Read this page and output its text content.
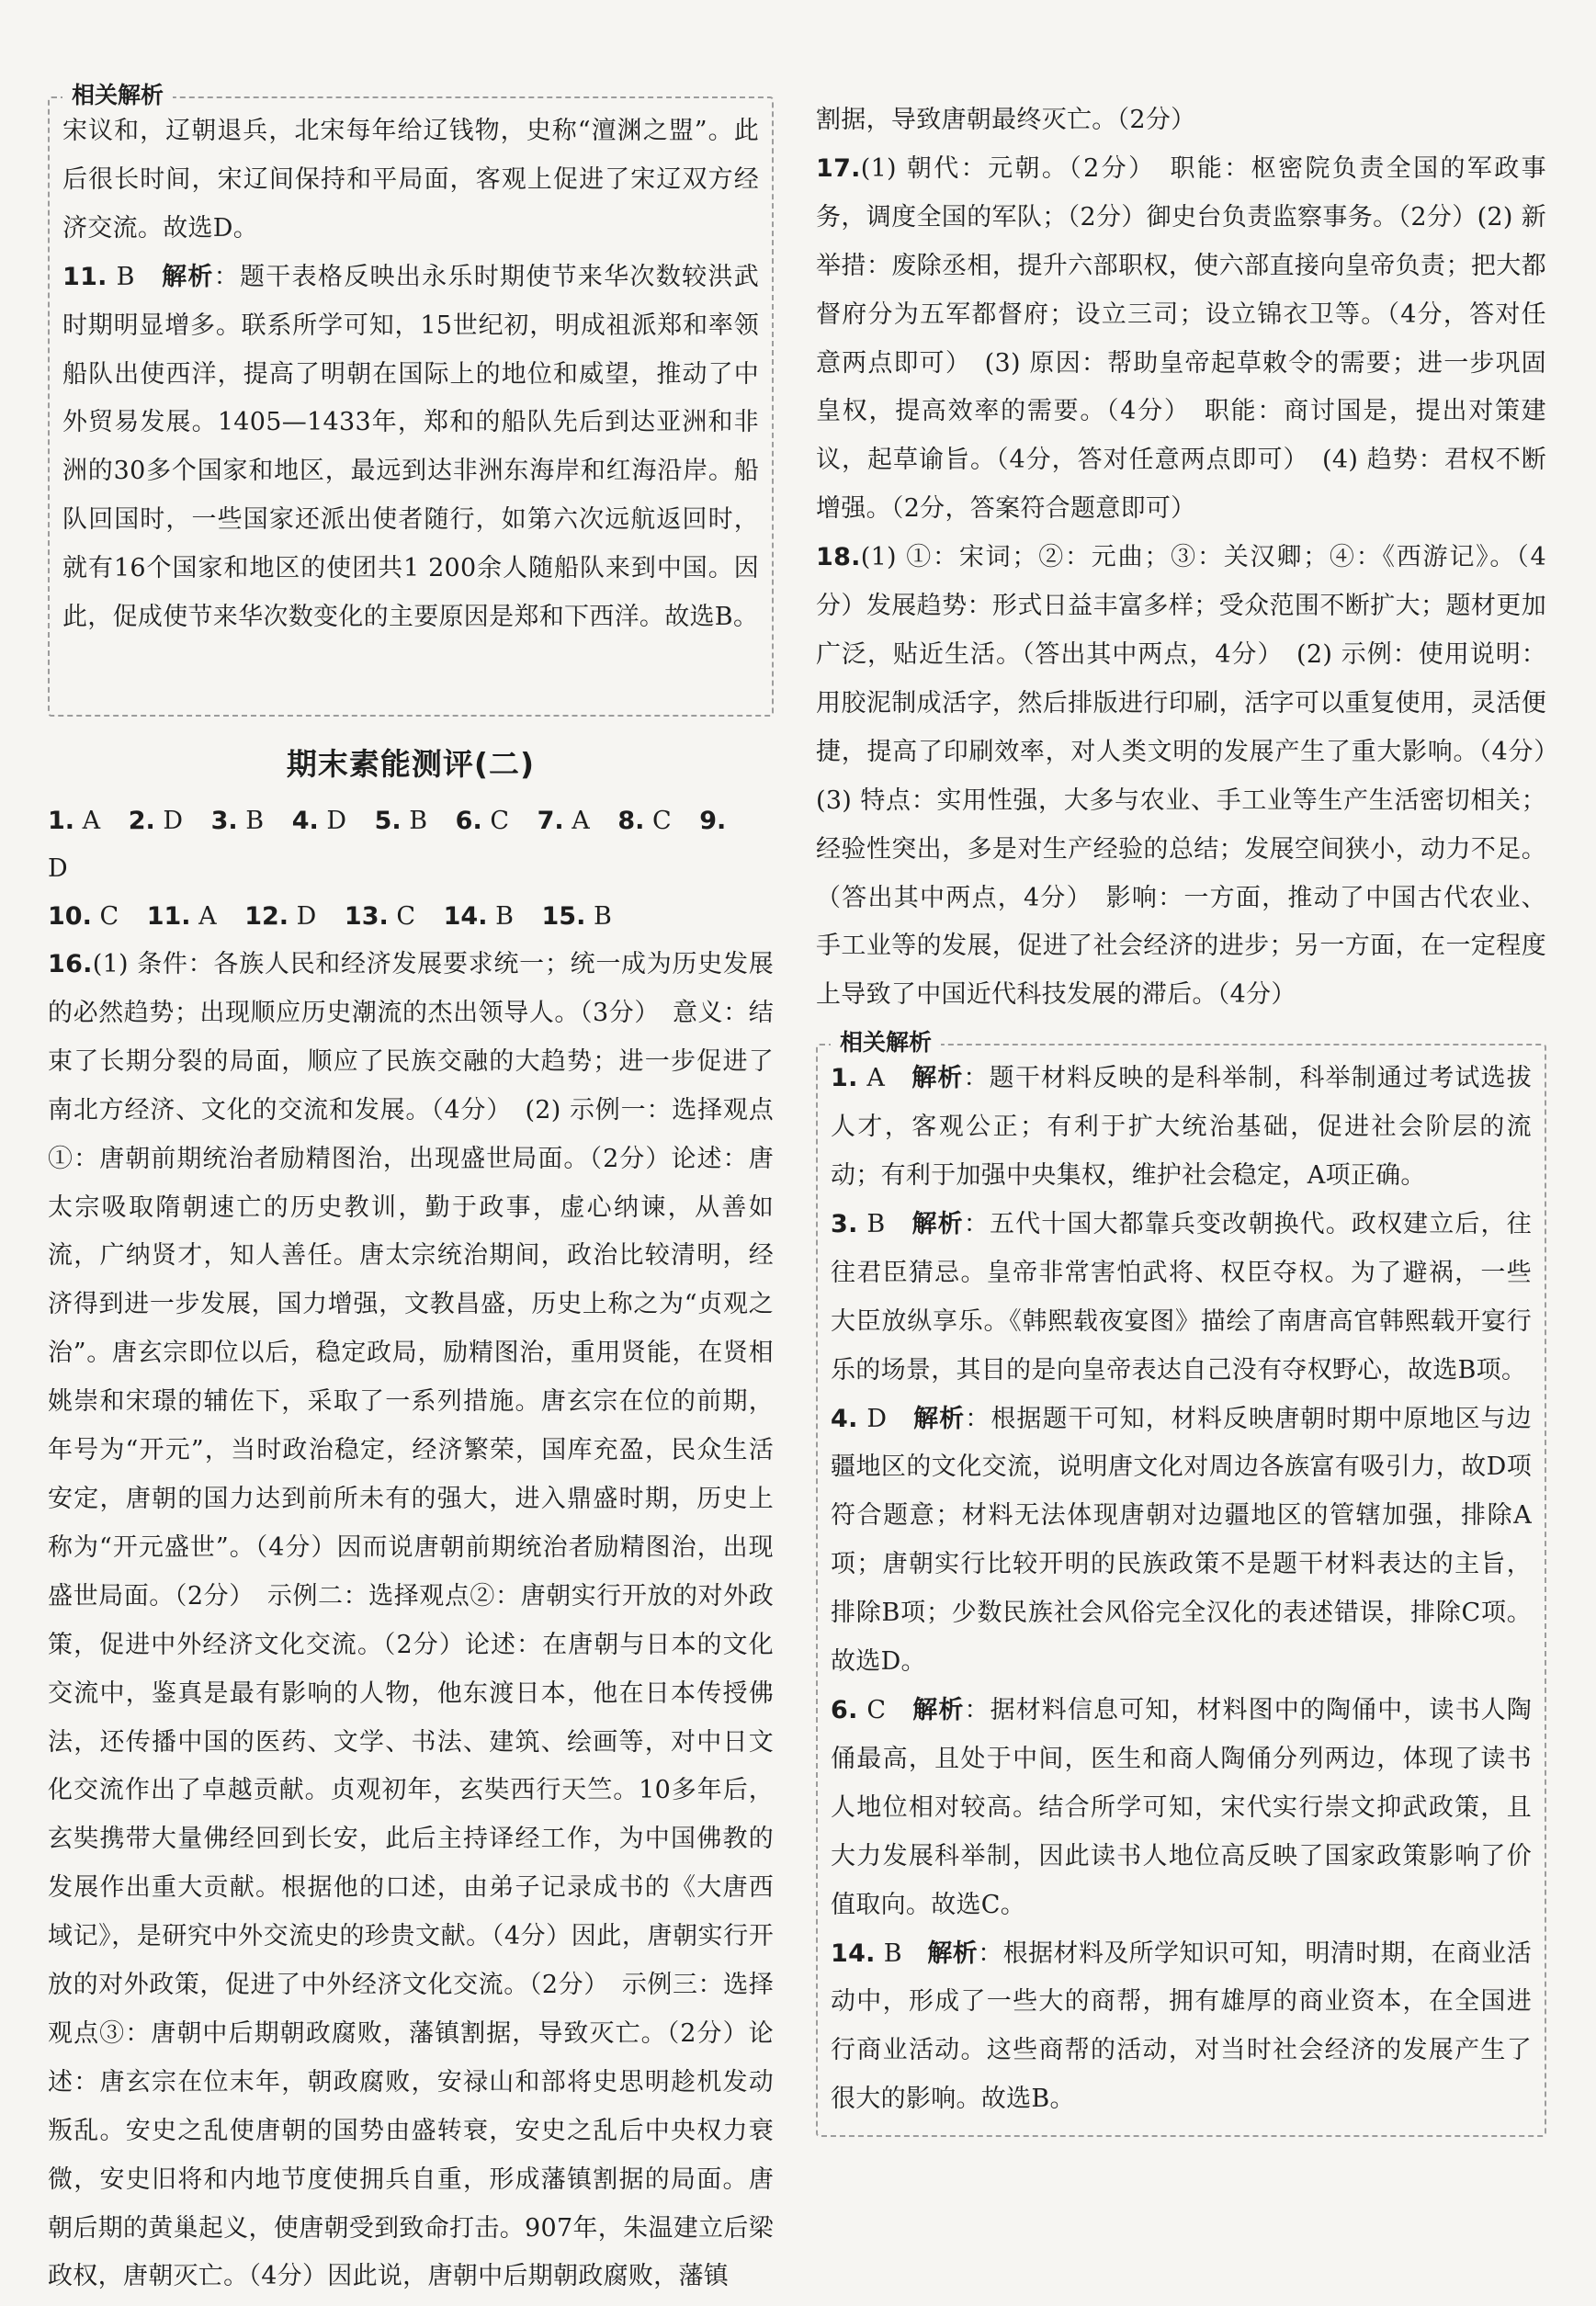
相关解析

宋议和，辽朝退兵，北宋每年给辽钱物，史称“澶渊之盟”。此后很长时间，宋辽间保持和平局面，客观上促进了宋辽双方经济交流。故选D。

11. B　 解析：题干表格反映出永乐时期使节来华次数较洪武时期明显增多。联系所学可知，15世纪初，明成祖派郑和率领船队出使西洋，提高了明朝在国际上的地位和威望，推动了中外贸易发展。1405—1433年，郑和的船队先后到达亚洲和非洲的30多个国家和地区，最远到达非洲东海岸和红海沿岸。船队回国时，一些国家还派出使者随行，如第六次远航返回时，就有16个国家和地区的使团共1 200余人随船队来到中国。因此，促成使节来华次数变化的主要原因是郑和下西洋。故选B。

期末素能测评(二)
1. A 2. D 3. B 4. D 5. B 6. C 7. A 8. C 9. D
10. C 11. A 12. D 13. C 14. B 15. B

16.(1) 条件：各族人民和经济发展要求统一；统一成为历史发展的必然趋势；出现顺应历史潮流的杰出领导人。（3分）　意义：结束了长期分裂的局面，顺应了民族交融的大趋势；进一步促进了南北方经济、文化的交流和发展。（4分）　(2) 示例一：选择观点①：唐朝前期统治者励精图治，出现盛世局面。（2分）论述：唐太宗吸取隋朝速亡的历史教训，勤于政事，虚心纳谏，从善如流，广纳贤才，知人善任。唐太宗统治期间，政治比较清明，经济得到进一步发展，国力增强，文教昌盛，历史上称之为“贞观之治”。唐玄宗即位以后，稳定政局，励精图治，重用贤能，在贤相姚崇和宋璟的辅佐下，采取了一系列措施。唐玄宗在位的前期，年号为“开元”，当时政治稳定，经济繁荣，国库充盈，民众生活安定，唐朝的国力达到前所未有的强大，进入鼎盛时期，历史上称为“开元盛世”。（4分）因而说唐朝前期统治者励精图治，出现盛世局面。（2分）　示例二：选择观点②：唐朝实行开放的对外政策，促进中外经济文化交流。（2分）论述：在唐朝与日本的文化交流中，鉴真是最有影响的人物，他东渡日本，他在日本传授佛法，还传播中国的医药、文学、书法、建筑、绘画等，对中日文化交流作出了卓越贡献。贞观初年，玄奘西行天竺。10多年后，玄奘携带大量佛经回到长安，此后主持译经工作，为中国佛教的发展作出重大贡献。根据他的口述，由弟子记录成书的《大唐西域记》，是研究中外交流史的珍贵文献。（4分）因此，唐朝实行开放的对外政策，促进了中外经济文化交流。（2分）　示例三：选择观点③：唐朝中后期朝政腐败，藩镇割据，导致灭亡。（2分）论述：唐玄宗在位末年，朝政腐败，安禄山和部将史思明趁机发动叛乱。安史之乱使唐朝的国势由盛转衰，安史之乱后中央权力衰微，安史旧将和内地节度使拥兵自重，形成藩镇割据的局面。唐朝后期的黄巢起义，使唐朝受到致命打击。907年，朱温建立后梁政权，唐朝灭亡。（4分）因此说，唐朝中后期朝政腐败，藩镇

割据，导致唐朝最终灭亡。（2分）

17.(1) 朝代：元朝。（2分）　职能：枢密院负责全国的军政事务，调度全国的军队；（2分）御史台负责监察事务。（2分）(2) 新举措：废除丞相，提升六部职权，使六部直接向皇帝负责；把大都督府分为五军都督府；设立三司；设立锦衣卫等。（4分，答对任意两点即可）　(3) 原因：帮助皇帝起草敕令的需要；进一步巩固皇权，提高效率的需要。（4分）　职能：商讨国是，提出对策建议，起草谕旨。（4分，答对任意两点即可）　(4) 趋势：君权不断增强。（2分，答案符合题意即可）

18.(1) ①：宋词；②：元曲；③：关汉卿；④：《西游记》。（4分）发展趋势：形式日益丰富多样；受众范围不断扩大；题材更加广泛，贴近生活。（答出其中两点，4分）　(2) 示例：使用说明：用胶泥制成活字，然后排版进行印刷，活字可以重复使用，灵活便捷，提高了印刷效率，对人类文明的发展产生了重大影响。（4分）　(3) 特点：实用性强，大多与农业、手工业等生产生活密切相关；经验性突出，多是对生产经验的总结；发展空间狭小，动力不足。（答出其中两点，4分）　影响：一方面，推动了中国古代农业、手工业等的发展，促进了社会经济的进步；另一方面，在一定程度上导致了中国近代科技发展的滞后。（4分）

相关解析

1. A　 解析：题干材料反映的是科举制，科举制通过考试选拔人才，客观公正；有利于扩大统治基础，促进社会阶层的流动；有利于加强中央集权，维护社会稳定，A项正确。

3. B　 解析：五代十国大都靠兵变改朝换代。政权建立后，往往君臣猜忌。皇帝非常害怕武将、权臣夺权。为了避祸，一些大臣放纵享乐。《韩熙载夜宴图》描绘了南唐高官韩熙载开宴行乐的场景，其目的是向皇帝表达自己没有夺权野心，故选B项。

4. D　 解析：根据题干可知，材料反映唐朝时期中原地区与边疆地区的文化交流，说明唐文化对周边各族富有吸引力，故D项符合题意；材料无法体现唐朝对边疆地区的管辖加强，排除A项；唐朝实行比较开明的民族政策不是题干材料表达的主旨，排除B项；少数民族社会风俗完全汉化的表述错误，排除C项。故选D。

6. C　 解析：据材料信息可知，材料图中的陶俑中，读书人陶俑最高，且处于中间，医生和商人陶俑分列两边，体现了读书人地位相对较高。结合所学可知，宋代实行崇文抑武政策，且大力发展科举制，因此读书人地位高反映了国家政策影响了价值取向。故选C。

14. B　 解析：根据材料及所学知识可知，明清时期，在商业活动中，形成了一些大的商帮，拥有雄厚的商业资本，在全国进行商业活动。这些商帮的活动，对当时社会经济的发展产生了很大的影响。故选B。
